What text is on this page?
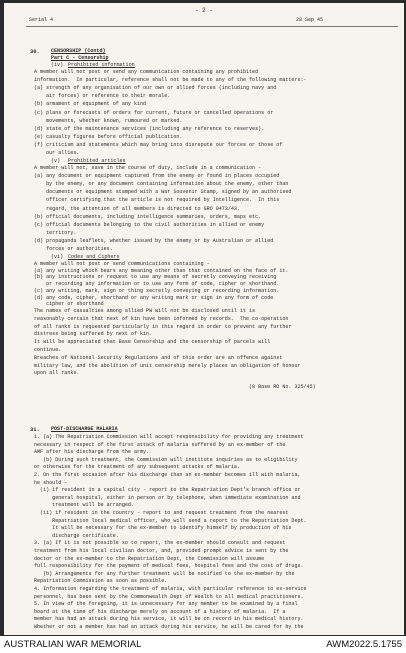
- 2 -
Serial 4	28 Sep 45
30. CENSORSHIP (Contd)
Part C - Censorship
(iv) Prohibited information
A member will not post or send any communication containing any prohibited
information.  In particular, reference shall not be made to any of the following matters:-
(a) strength of any organisation of our own or allied forces (including navy and
air forces) or reference to their morale.
(b) armament or equipment of any kind
(c) plans or forecasts of orders for current, future or cancelled operations or
movements, whether known, rumoured or marked.
(d) state of the maintenance services (including any reference to reserves).
(e) casualty figures before official publication.
(f) criticism and statements which may bring into disrepute our forces or those of
our allies.
(v) Prohibited articles
A member will not, save in the course of duty, include in a communication -
(a) any document or equipment captured from the enemy or found in places occupied
by the enemy, or any document containing information about the enemy, other than
documents or equipment stamped with a War Souvenir Stamp, signed by an authorised
officer certifying that the article is not required by Intelligence.  In this
regard, the attention of all members is directed to GRO 0473/43.
(b) official documents, including intelligence summaries, orders, maps etc.
(c) official documents belonging to the civil authorities in allied or enemy
territory.
(d) propaganda leaflets, whether issued by the enemy or by Australian or allied
forces or authorities.
(vi) Codes and Ciphers
A member will not post or send communications containing -
(a) any writing which bears any meaning other than that contained on the face of it.
(b) any instructions or request to use any means of secretly conveying receiving
or recording any information or to use any form of code, cipher or shorthand.
(c) any writing, mark, sign or thing secretly conveying or recording information.
(d) any code, cipher, shorthand or any writing mark or sign in any form of code
cipher or shorthand
The names of casualties among allied PW will not be disclosed until it is
reasonably certain that next of kin have been informed by records.  The co-operation
of all ranks is requested particularly in this regard in order to prevent any further
distress being suffered by next of kin.
It will be appreciated that Base Censorship and the censorship of parcels will
continue.
Breaches of National Security Regulations and of this order are an offence against
military law, and the abolition of unit censorship merely places an obligation of honour
upon all ranks.
(8 Base RO No. 325/45)
31. POST-DISCHARGE MALARIA
1. (a) The Repatriation Commission will accept responsibility for providing any treatment
necessary in respect of the first attack of malaria suffered by an ex-member of the
AMF after his discharge from the army.
(b) During such treatment, the Commission will institute inquiries as to eligibility
or otherwise for the treatment of any subsequent attacks of malaria.
2. On the first occasion after his discharge than an ex-member becomes ill with malaria,
he should -
(i) if resident in a capital city - report to the Repatriation Dept's branch office or
general hospital, either in person or by telephone, when immediate examination and
treatment will be arranged.
(ii) if resident in the country - report to and request treatment from the nearest
Repatriation local medical officer, who will send a report to the Repatriation Dept.
It will be necessary for the ex-member to identify himself by production of his
discharge certificate.
3. (a) If it is not possible so to report, the ex-member should consult and request
treatment from his local civilian doctor, and, provided prompt advice is sent by the
doctor or the ex-member to the Repatriation Dept, the Commission will assume
full responsibility for the payment of medical fees, hospital fees and the cost of drugs.
(b) Arrangements for any further treatment will be notified to the ex-member by the
Repatriation Commission as soon as possible.
4. Information regarding the treatment of malaria, with particular reference to ex-service
personnel, has been sent by the Commonwealth Dept of Health to all medical practitioners.
5. In view of the foregoing, it is unnecessary for any member to be examined by a final
board at the time of his discharge merely on account of a history of malaria.  If a
member has had an attack during his service, it will be on record in his medical history.
Whether or not a member has had an attack during his service, he will be cared for by the
AUSTRALIAN WAR MEMORIAL	AWM2022.5.1755
